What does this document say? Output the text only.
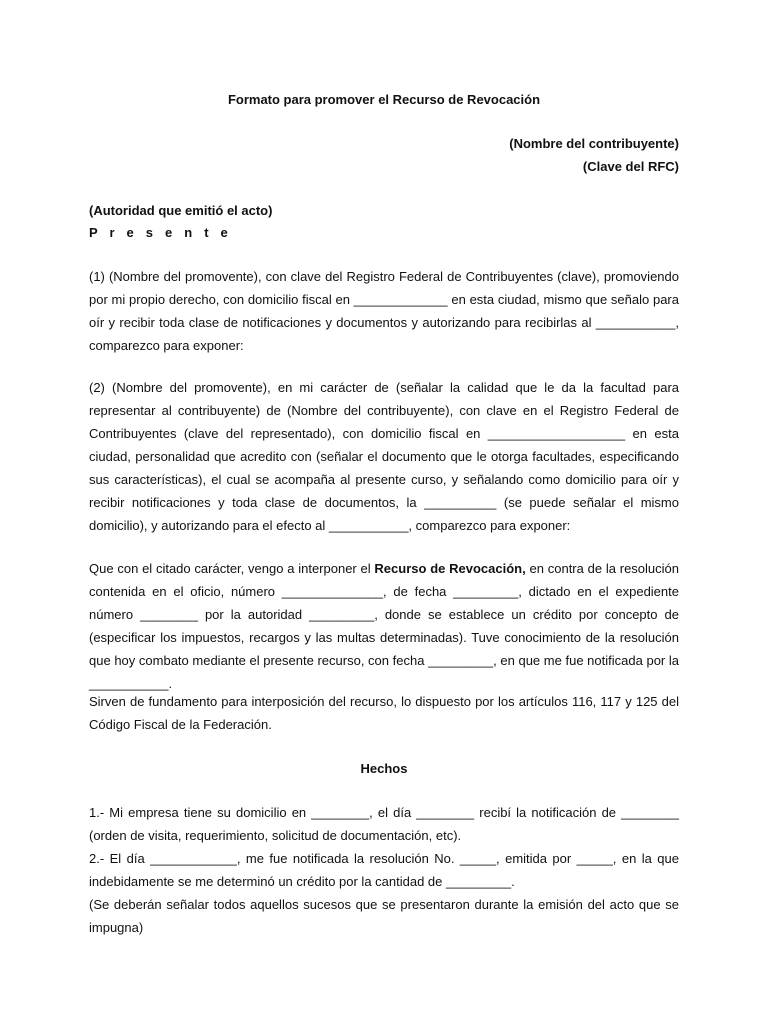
Formato para promover el Recurso de Revocación
(Nombre del contribuyente)
(Clave del RFC)
(Autoridad que emitió el acto)
P r e s e n t e

(1) (Nombre del promovente), con clave del Registro Federal de Contribuyentes (clave), promoviendo por mi propio derecho, con domicilio fiscal en _____________ en esta ciudad, mismo que señalo para oír y recibir toda clase de notificaciones y documentos y autorizando para recibirlas al ___________, comparezco para exponer:

(2) (Nombre del promovente), en mi carácter de (señalar la calidad que le da la facultad para representar al contribuyente) de (Nombre del contribuyente), con clave en el Registro Federal de Contribuyentes (clave del representado), con domicilio fiscal en ___________________ en esta ciudad, personalidad que acredito con (señalar el documento que le otorga facultades, especificando sus características), el cual se acompaña al presente curso, y señalando como domicilio para oír y recibir notificaciones y toda clase de documentos, la __________ (se puede señalar el mismo domicilio), y autorizando para el efecto al ___________, comparezco para exponer:

Que con el citado carácter, vengo a interponer el Recurso de Revocación, en contra de la resolución contenida en el oficio, número ______________, de fecha _________, dictado en el expediente número ________ por la autoridad _________, donde se establece un crédito por concepto de (especificar los impuestos, recargos y las multas determinadas). Tuve conocimiento de la resolución que hoy combato mediante el presente recurso, con fecha _________, en que me fue notificada por la ___________.

Sirven de fundamento para interposición del recurso, lo dispuesto por los artículos 116, 117 y 125 del Código Fiscal de la Federación.

Hechos

1.- Mi empresa tiene su domicilio en ________, el día ________ recibí la notificación de ________ (orden de visita, requerimiento, solicitud de documentación, etc).

2.- El día ____________, me fue notificada la resolución No. _____, emitida por _____, en la que indebidamente se me determinó un crédito por la cantidad de _________.

(Se deberán señalar todos aquellos sucesos que se presentaron durante la emisión del acto que se impugna)
